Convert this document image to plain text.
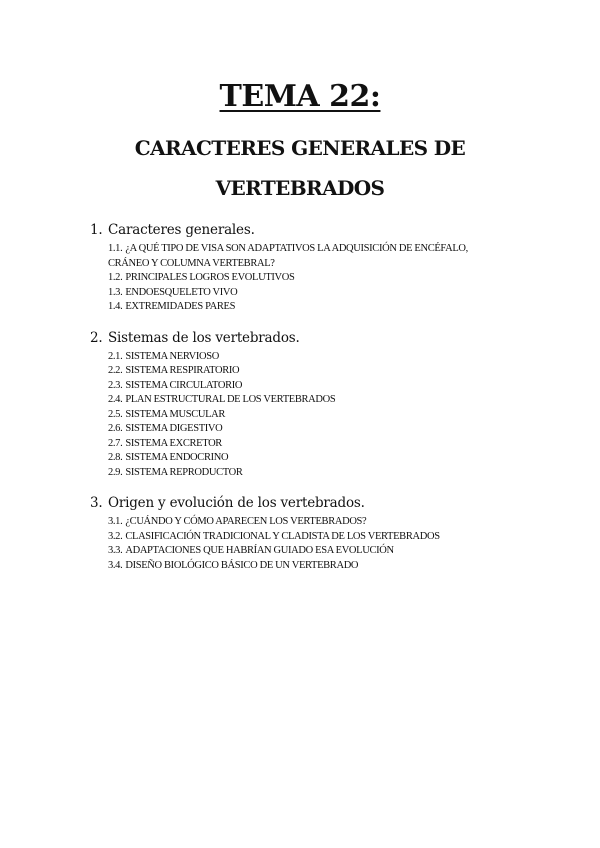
TEMA 22:
CARACTERES GENERALES DE
VERTEBRADOS
1. Caracteres generales.
1.1. ¿A QUÉ TIPO DE VISA SON ADAPTATIVOS LA ADQUISICIÓN DE ENCÉFALO,
CRÁNEO Y COLUMNA VERTEBRAL?
1.2. PRINCIPALES LOGROS EVOLUTIVOS
1.3. ENDOESQUELETO VIVO
1.4. EXTREMIDADES PARES
2. Sistemas de los vertebrados.
2.1. SISTEMA NERVIOSO
2.2. SISTEMA RESPIRATORIO
2.3. SISTEMA CIRCULATORIO
2.4. PLAN ESTRUCTURAL DE LOS VERTEBRADOS
2.5. SISTEMA MUSCULAR
2.6. SISTEMA DIGESTIVO
2.7. SISTEMA EXCRETOR
2.8. SISTEMA ENDOCRINO
2.9. SISTEMA REPRODUCTOR
3. Origen y evolución de los vertebrados.
3.1. ¿CUÁNDO Y CÓMO APARECEN LOS VERTEBRADOS?
3.2. CLASIFICACIÓN TRADICIONAL Y CLADISTA DE LOS VERTEBRADOS
3.3. ADAPTACIONES QUE HABRÍAN GUIADO ESA EVOLUCIÓN
3.4. DISEÑO BIOLÓGICO BÁSICO DE UN VERTEBRADO
